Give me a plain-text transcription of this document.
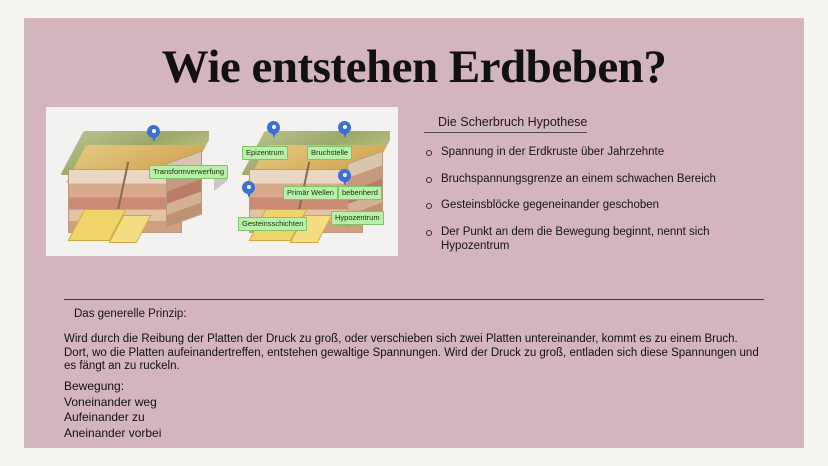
Wie entstehen Erdbeben?
Transformverwerfung
Epizentrum	Bruchstelle
Primär Wellen	bebenherd
Gesteinsschichten
Hypozentrum
Die Scherbruch Hypothese
Spannung in der Erdkruste über Jahrzehnte
Bruchspannungsgrenze an einem schwachen Bereich
Gesteinsblöcke gegeneinander geschoben
Der Punkt an dem die Bewegung beginnt, nennt sich Hypozentrum
Das generelle Prinzip:
Wird durch die Reibung der Platten der Druck zu groß, oder verschieben sich zwei Platten untereinander, kommt es zu einem Bruch. Dort, wo die Platten aufeinandertreffen, entstehen gewaltige Spannungen. Wird der Druck zu groß, entladen sich diese Spannungen und es fängt an zu ruckeln.
Bewegung:
Voneinander weg
Aufeinander zu
Aneinander vorbei
